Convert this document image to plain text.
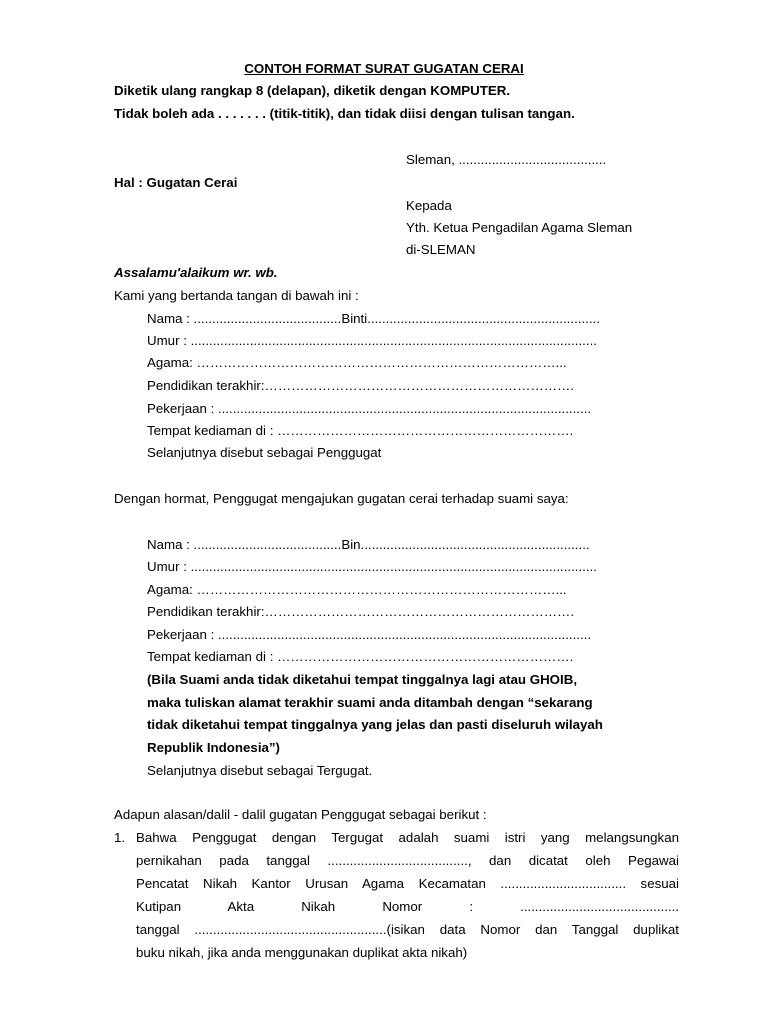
CONTOH FORMAT SURAT GUGATAN CERAI
Diketik ulang rangkap 8 (delapan), diketik dengan KOMPUTER.
Tidak boleh ada . . . . . . . (titik-titik), dan tidak diisi dengan tulisan tangan.
Sleman, ........................................
Hal : Gugatan Cerai
Kepada
Yth. Ketua Pengadilan Agama Sleman
di-SLEMAN
Assalamu'alaikum wr. wb.
Kami yang bertanda tangan di bawah ini :
Nama : ........................................Binti...............................................................
Umur : ..............................................................................................................
Agama: ………………………………………………………………………...
Pendidikan terakhir:…………………………………………………………….
Pekerjaan : .....................................................................................................
Tempat kediaman di : ………………………………………………………….
Selanjutnya disebut sebagai Penggugat
Dengan hormat, Penggugat mengajukan gugatan cerai terhadap suami saya:
Nama : ........................................Bin..............................................................
Umur : ..............................................................................................................
Agama: ………………………………………………………………………...
Pendidikan terakhir:…………………………………………………………….
Pekerjaan : .....................................................................................................
Tempat kediaman di : ………………………………………………………….
(Bila Suami anda tidak diketahui tempat tinggalnya lagi atau GHOIB,
maka tuliskan alamat terakhir suami anda ditambah dengan “sekarang
tidak diketahui tempat tinggalnya yang jelas dan pasti diseluruh wilayah
Republik Indonesia”)
Selanjutnya disebut sebagai Tergugat.
Adapun alasan/dalil - dalil gugatan Penggugat sebagai berikut :
1. Bahwa Penggugat dengan Tergugat adalah suami istri yang melangsungkan
pernikahan pada tanggal ......................................, dan dicatat oleh Pegawai
Pencatat Nikah Kantor Urusan Agama Kecamatan .................................. sesuai
Kutipan Akta Nikah Nomor : ...........................................
tanggal ....................................................(isikan data Nomor dan Tanggal duplikat
buku nikah, jika anda menggunakan duplikat akta nikah)
